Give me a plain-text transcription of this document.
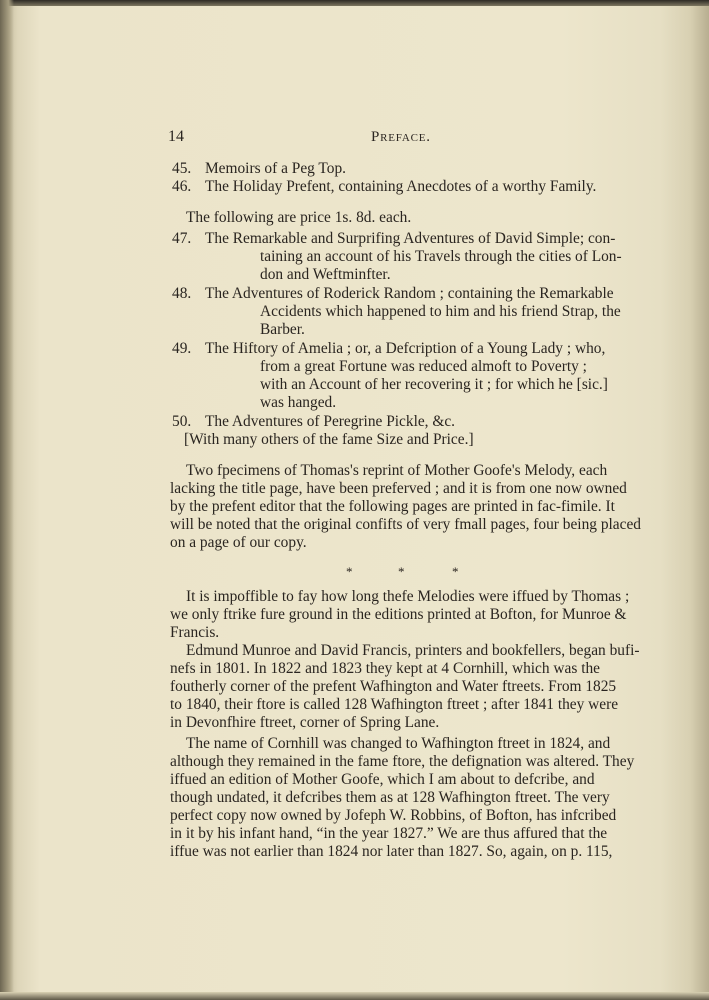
14	Preface.
45. Memoirs of a Peg Top.
46. The Holiday Prefent, containing Anecdotes of a worthy Family.
The following are price 1s. 8d. each.
47. The Remarkable and Surprifing Adventures of David Simple; con-
taining an account of his Travels through the cities of Lon-
don and Weftminfter.
48. The Adventures of Roderick Random ; containing the Remarkable
Accidents which happened to him and his friend Strap, the
Barber.
49. The Hiftory of Amelia ; or, a Defcription of a Young Lady ; who,
from a great Fortune was reduced almoft to Poverty ;
with an Account of her recovering it ; for which he [sic.]
was hanged.
50. The Adventures of Peregrine Pickle, &c.
[With many others of the fame Size and Price.]
Two fpecimens of Thomas's reprint of Mother Goofe's Melody, each
lacking the title page, have been preferved ; and it is from one now owned
by the prefent editor that the following pages are printed in fac-fimile. It
will be noted that the original confifts of very fmall pages, four being placed
on a page of our copy.
*	*	*
It is impoffible to fay how long thefe Melodies were iffued by Thomas ;
we only ftrike fure ground in the editions printed at Bofton, for Munroe &
Francis.
Edmund Munroe and David Francis, printers and bookfellers, began bufi-
nefs in 1801. In 1822 and 1823 they kept at 4 Cornhill, which was the
foutherly corner of the prefent Wafhington and Water ftreets. From 1825
to 1840, their ftore is called 128 Wafhington ftreet ; after 1841 they were
in Devonfhire ftreet, corner of Spring Lane.
The name of Cornhill was changed to Wafhington ftreet in 1824, and
although they remained in the fame ftore, the defignation was altered. They
iffued an edition of Mother Goofe, which I am about to defcribe, and
though undated, it defcribes them as at 128 Wafhington ftreet. The very
perfect copy now owned by Jofeph W. Robbins, of Bofton, has infcribed
in it by his infant hand, “in the year 1827.” We are thus affured that the
iffue was not earlier than 1824 nor later than 1827. So, again, on p. 115,
